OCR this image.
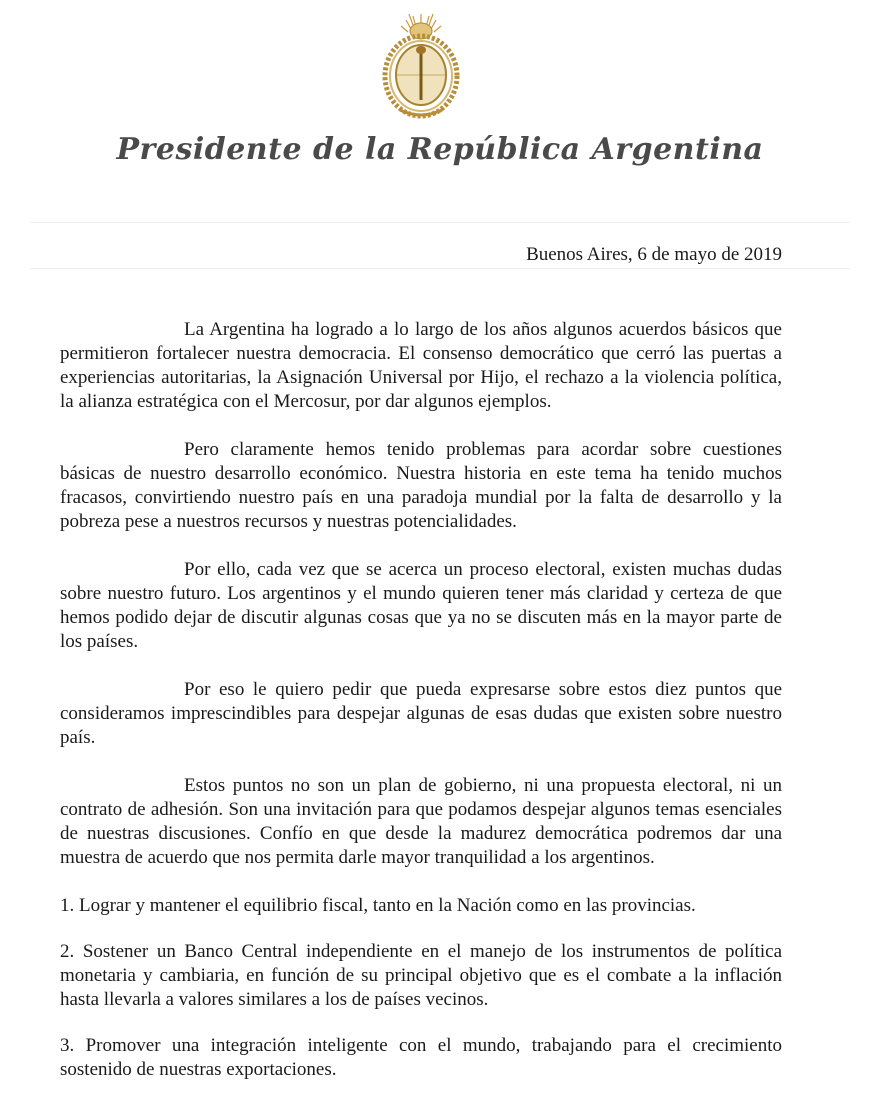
Presidente de la República Argentina

Buenos Aires, 6 de mayo de 2019

La Argentina ha logrado a lo largo de los años algunos acuerdos básicos que permitieron fortalecer nuestra democracia. El consenso democrático que cerró las puertas a experiencias autoritarias, la Asignación Universal por Hijo, el rechazo a la violencia política, la alianza estratégica con el Mercosur, por dar algunos ejemplos.

Pero claramente hemos tenido problemas para acordar sobre cuestiones básicas de nuestro desarrollo económico. Nuestra historia en este tema ha tenido muchos fracasos, convirtiendo nuestro país en una paradoja mundial por la falta de desarrollo y la pobreza pese a nuestros recursos y nuestras potencialidades.

Por ello, cada vez que se acerca un proceso electoral, existen muchas dudas sobre nuestro futuro. Los argentinos y el mundo quieren tener más claridad y certeza de que hemos podido dejar de discutir algunas cosas que ya no se discuten más en la mayor parte de los países.

Por eso le quiero pedir que pueda expresarse sobre estos diez puntos que consideramos imprescindibles para despejar algunas de esas dudas que existen sobre nuestro país.

Estos puntos no son un plan de gobierno, ni una propuesta electoral, ni un contrato de adhesión. Son una invitación para que podamos despejar algunos temas esenciales de nuestras discusiones. Confío en que desde la madurez democrática podremos dar una muestra de acuerdo que nos permita darle mayor tranquilidad a los argentinos.

1. Lograr y mantener el equilibrio fiscal, tanto en la Nación como en las provincias.
2. Sostener un Banco Central independiente en el manejo de los instrumentos de política monetaria y cambiaria, en función de su principal objetivo que es el combate a la inflación hasta llevarla a valores similares a los de países vecinos.
3. Promover una integración inteligente con el mundo, trabajando para el crecimiento sostenido de nuestras exportaciones.
